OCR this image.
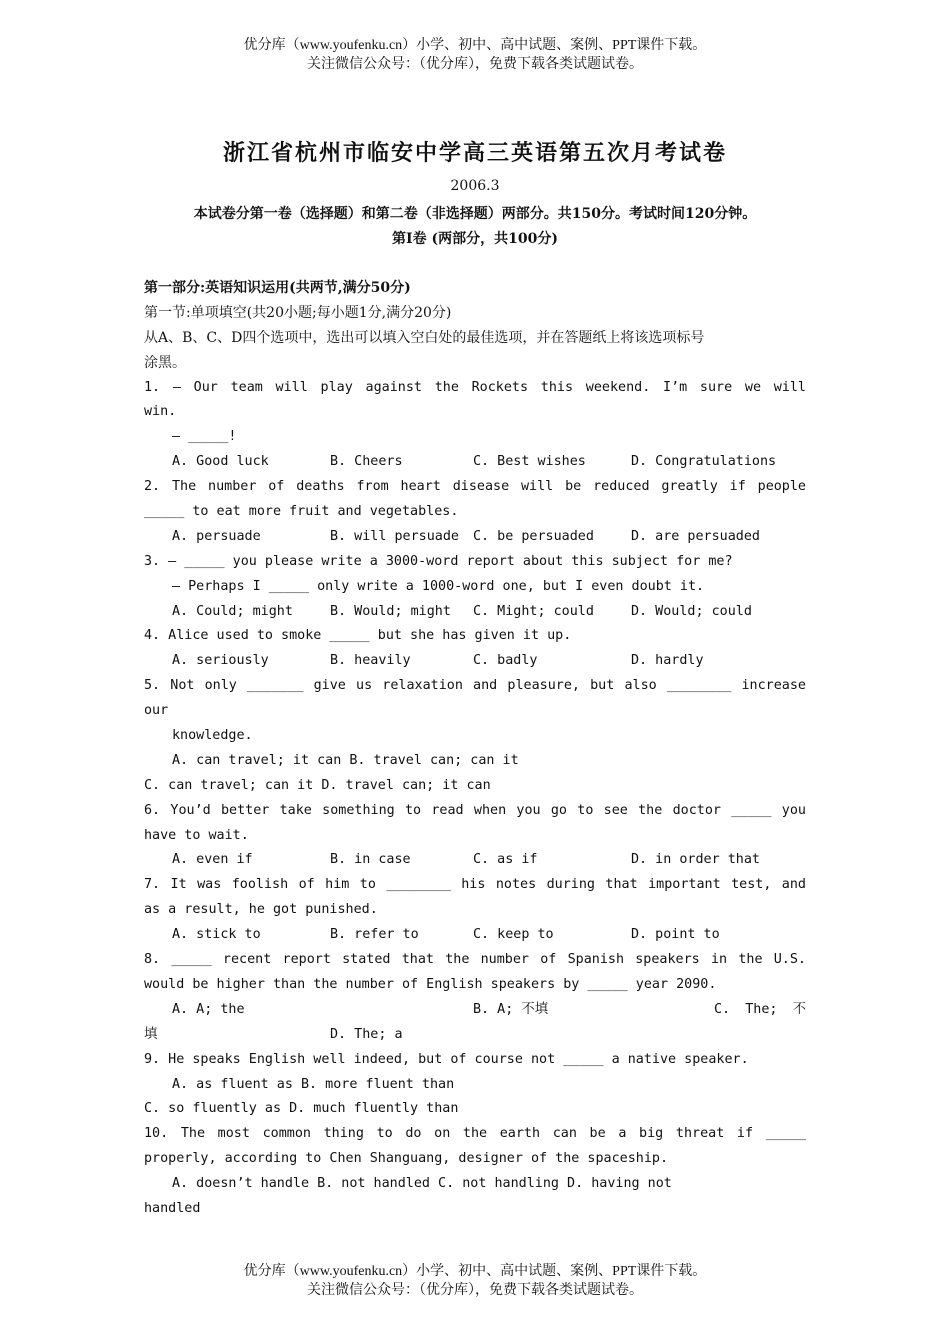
优分库（www.youfenku.cn）小学、初中、高中试题、案例、PPT课件下载。
关注微信公众号：（优分库），免费下载各类试题试卷。
浙江省杭州市临安中学高三英语第五次月考试卷
2006.3
本试卷分第一卷（选择题）和第二卷（非选择题）两部分。共150分。考试时间120分钟。
第Ⅰ卷 (两部分，共100分)
第一部分:英语知识运用(共两节,满分50分)
第一节:单项填空(共20小题;每小题1分,满分20分)
从A、B、C、D四个选项中，选出可以填入空白处的最佳选项，并在答题纸上将该选项标号
涂黑。
1. — Our team will play against the Rockets this weekend. I’m sure we will
win.
— _____!
A. Good luck	B. Cheers	C. Best wishes	D. Congratulations
2. The number of deaths from heart disease will be reduced greatly if people
_____ to eat more fruit and vegetables.
A. persuade	B. will persuade	C. be persuaded	D. are persuaded
3. — _____ you please write a 3000-word report about this subject for me?
— Perhaps I _____ only write a 1000-word one, but I even doubt it.
A. Could; might	B. Would; might	C. Might; could	D. Would; could
4. Alice used to smoke _____ but she has given it up.
A. seriously	B. heavily	C. badly	D. hardly
5. Not only _______ give us relaxation and pleasure, but also ________ increase
our
knowledge.
A. can travel; it can B. travel can; can it
C. can travel; can it D. travel can; it can
6. You’d better take something to read when you go to see the doctor _____ you
have to wait.
A. even if	B. in case	C. as if	D. in order that
7. It was foolish of him to ________ his notes during that important test, and
as a result, he got punished.
A. stick to	B. refer to	C. keep to	D. point to
8. _____ recent report stated that the number of Spanish speakers in the U.S.
would be higher than the number of English speakers by _____ year 2090.
A. A; the	B. A; 不填	C. The; 不
填	D. The; a
9. He speaks English well indeed, but of course not _____ a native speaker.
A. as fluent as B. more fluent than
C. so fluently as D. much fluently than
10. The most common thing to do on the earth can be a big threat if _____
properly, according to Chen Shanguang, designer of the spaceship.
A. doesn’t handle B. not handled C. not handling D. having not
handled
优分库（www.youfenku.cn）小学、初中、高中试题、案例、PPT课件下载。
关注微信公众号：（优分库），免费下载各类试题试卷。
